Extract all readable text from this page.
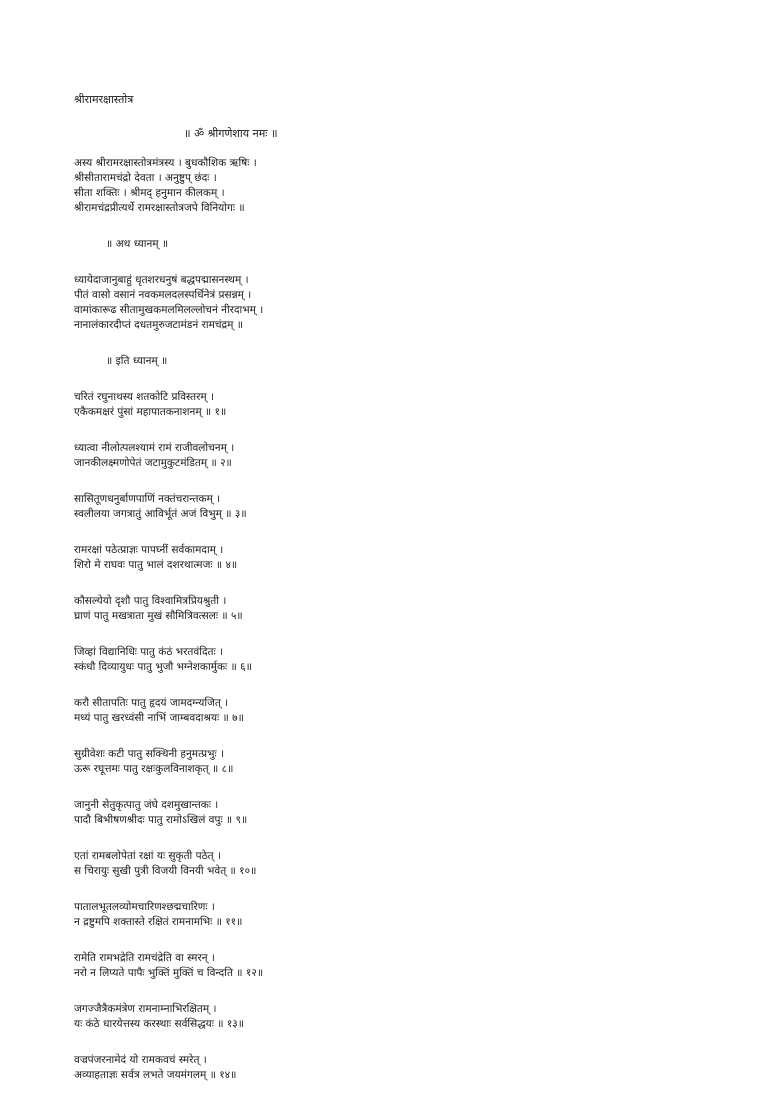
श्रीरामरक्षास्तोत्र
॥ ॐ श्रीगणेशाय नमः ॥
अस्य श्रीरामरक्षास्तोत्रमंत्रस्य । बुधकौशिक ऋषिः ।
श्रीसीतारामचंद्रो देवता । अनुष्टुप् छंदः ।
सीता शक्तिः । श्रीमद् हनुमान कीलकम् ।
श्रीरामचंद्रप्रीत्यर्थे रामरक्षास्तोत्रजपे विनियोगः ॥
॥ अथ ध्यानम् ॥
ध्यायेदाजानुबाहुं धृतशरधनुषं बद्धपद्मासनस्थम् ।
पीतं वासो वसानं नवकमलदलस्पर्धिनेत्रं प्रसन्नम् ।
वामांकारूढ सीतामुखकमलमिलल्लोचनं नीरदाभम् ।
नानालंकारदीप्तं दधतमुरुजटामंडनं रामचंद्रम् ॥
॥ इति ध्यानम् ॥
चरितं रघुनाथस्य शतकोटि प्रविस्तरम् ।
एकैकमक्षरं पुंसां महापातकनाशनम् ॥ १॥
ध्यात्वा नीलोत्पलश्यामं रामं राजीवलोचनम् ।
जानकीलक्ष्मणोपेतं जटामुकुटमंडितम् ॥ २॥
सासितूणधनुर्बाणपाणिं नक्तंचरान्तकम् ।
स्वलीलया जगत्रातुं आविर्भूतं अजं विभुम् ॥ ३॥
रामरक्षां पठेत्प्राज्ञः पापघ्नीं सर्वकामदाम् ।
शिरो मे राघवः पातु भालं दशरथात्मजः ॥ ४॥
कौसल्येयो दृशौ पातु विश्वामित्रप्रियश्रुती ।
घ्राणं पातु मखत्राता मुखं सौमित्रिवत्सलः ॥ ५॥
जिव्हां विद्यानिधिः पातु कंठं भरतवंदितः ।
स्कंधौ दिव्यायुधः पातु भुजौ भग्नेशकार्मुकः ॥ ६॥
करौ सीतापतिः पातु हृदयं जामदग्न्यजित् ।
मध्यं पातु खरध्वंसी नाभिं जाम्बवदाश्रयः ॥ ७॥
सुग्रीवेशः कटी पातु सक्थिनी हनुमत्प्रभुः ।
ऊरू रघूत्तमः पातु रक्षःकुलविनाशकृत् ॥ ८॥
जानुनी सेतुकृत्पातु जंघे दशमुखान्तकः ।
पादौ बिभीषणश्रीदः पातु रामोऽखिलं वपुः ॥ ९॥
एतां रामबलोपेतां रक्षां यः सुकृती पठेत् ।
स चिरायुः सुखी पुत्री विजयी विनयी भवेत् ॥ १०॥
पातालभूतलव्योमचारिणश्छद्मचारिणः ।
न द्रष्टुमपि शक्तास्ते रक्षितं रामनामभिः ॥ ११॥
रामेति रामभद्रेति रामचंद्रेति वा स्मरन् ।
नरो न लिप्यते पापैः भुक्तिं मुक्तिं च विन्दति ॥ १२॥
जगज्जैत्रैकमंत्रेण रामनाम्नाभिरक्षितम् ।
यः कंठे धारयेत्तस्य करस्थाः सर्वसिद्धयः ॥ १३॥
वज्रपंजरनामेदं यो रामकवचं स्मरेत् ।
अव्याहताज्ञः सर्वत्र लभते जयमंगलम् ॥ १४॥
